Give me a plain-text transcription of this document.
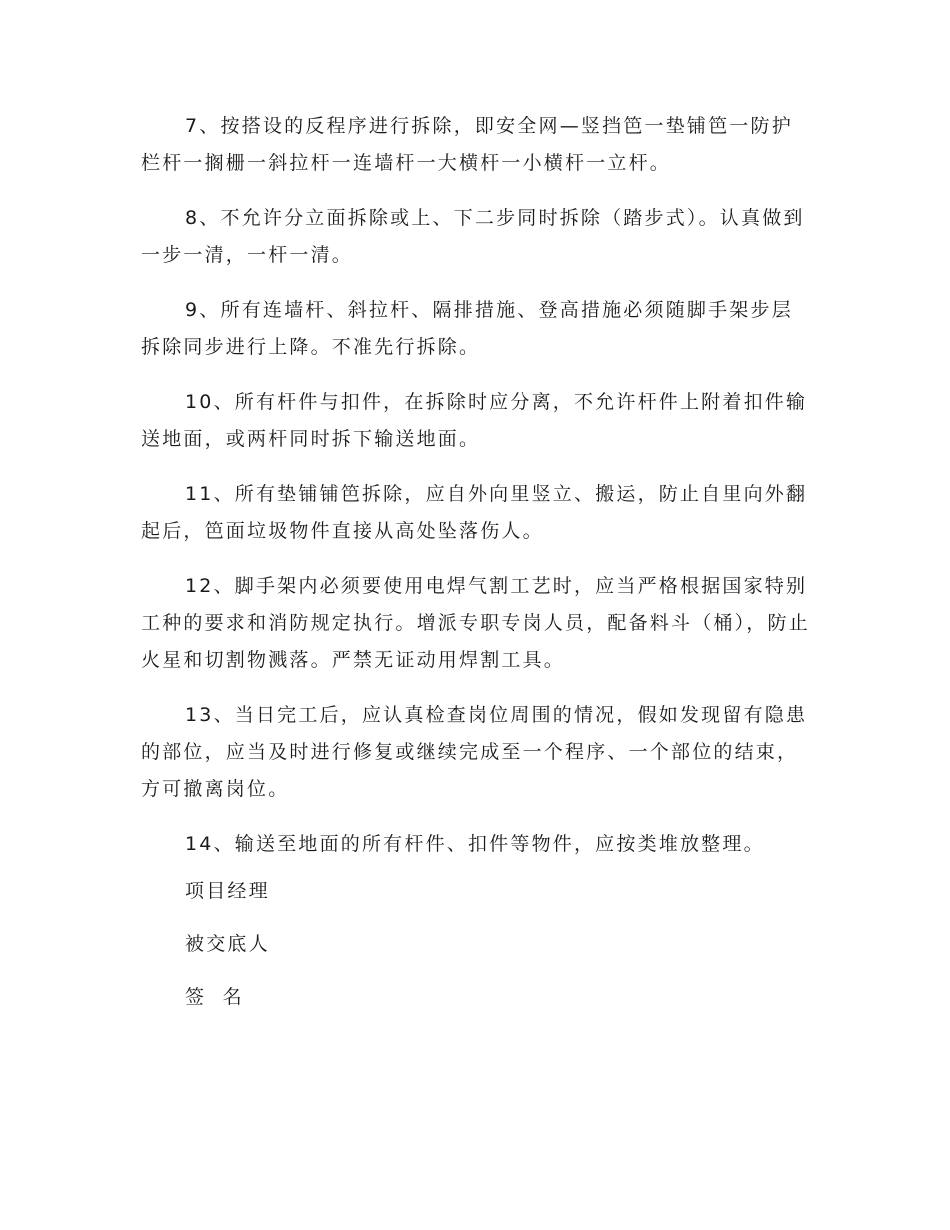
7、按搭设的反程序进行拆除，即安全网—竖挡笆一垫铺笆一防护栏杆一搁栅一斜拉杆一连墙杆一大横杆一小横杆一立杆。

8、不允许分立面拆除或上、下二步同时拆除（踏步式）。认真做到一步一清，一杆一清。

9、所有连墙杆、斜拉杆、隔排措施、登高措施必须随脚手架步层拆除同步进行上降。不准先行拆除。

10、所有杆件与扣件，在拆除时应分离，不允许杆件上附着扣件输送地面，或两杆同时拆下输送地面。

11、所有垫铺铺笆拆除，应自外向里竖立、搬运，防止自里向外翻起后，笆面垃圾物件直接从高处坠落伤人。

12、脚手架内必须要使用电焊气割工艺时，应当严格根据国家特别工种的要求和消防规定执行。增派专职专岗人员，配备料斗（桶），防止火星和切割物溅落。严禁无证动用焊割工具。

13、当日完工后，应认真检查岗位周围的情况，假如发现留有隐患的部位，应当及时进行修复或继续完成至一个程序、一个部位的结束，方可撤离岗位。

14、输送至地面的所有杆件、扣件等物件，应按类堆放整理。

项目经理
被交底人
签  名
